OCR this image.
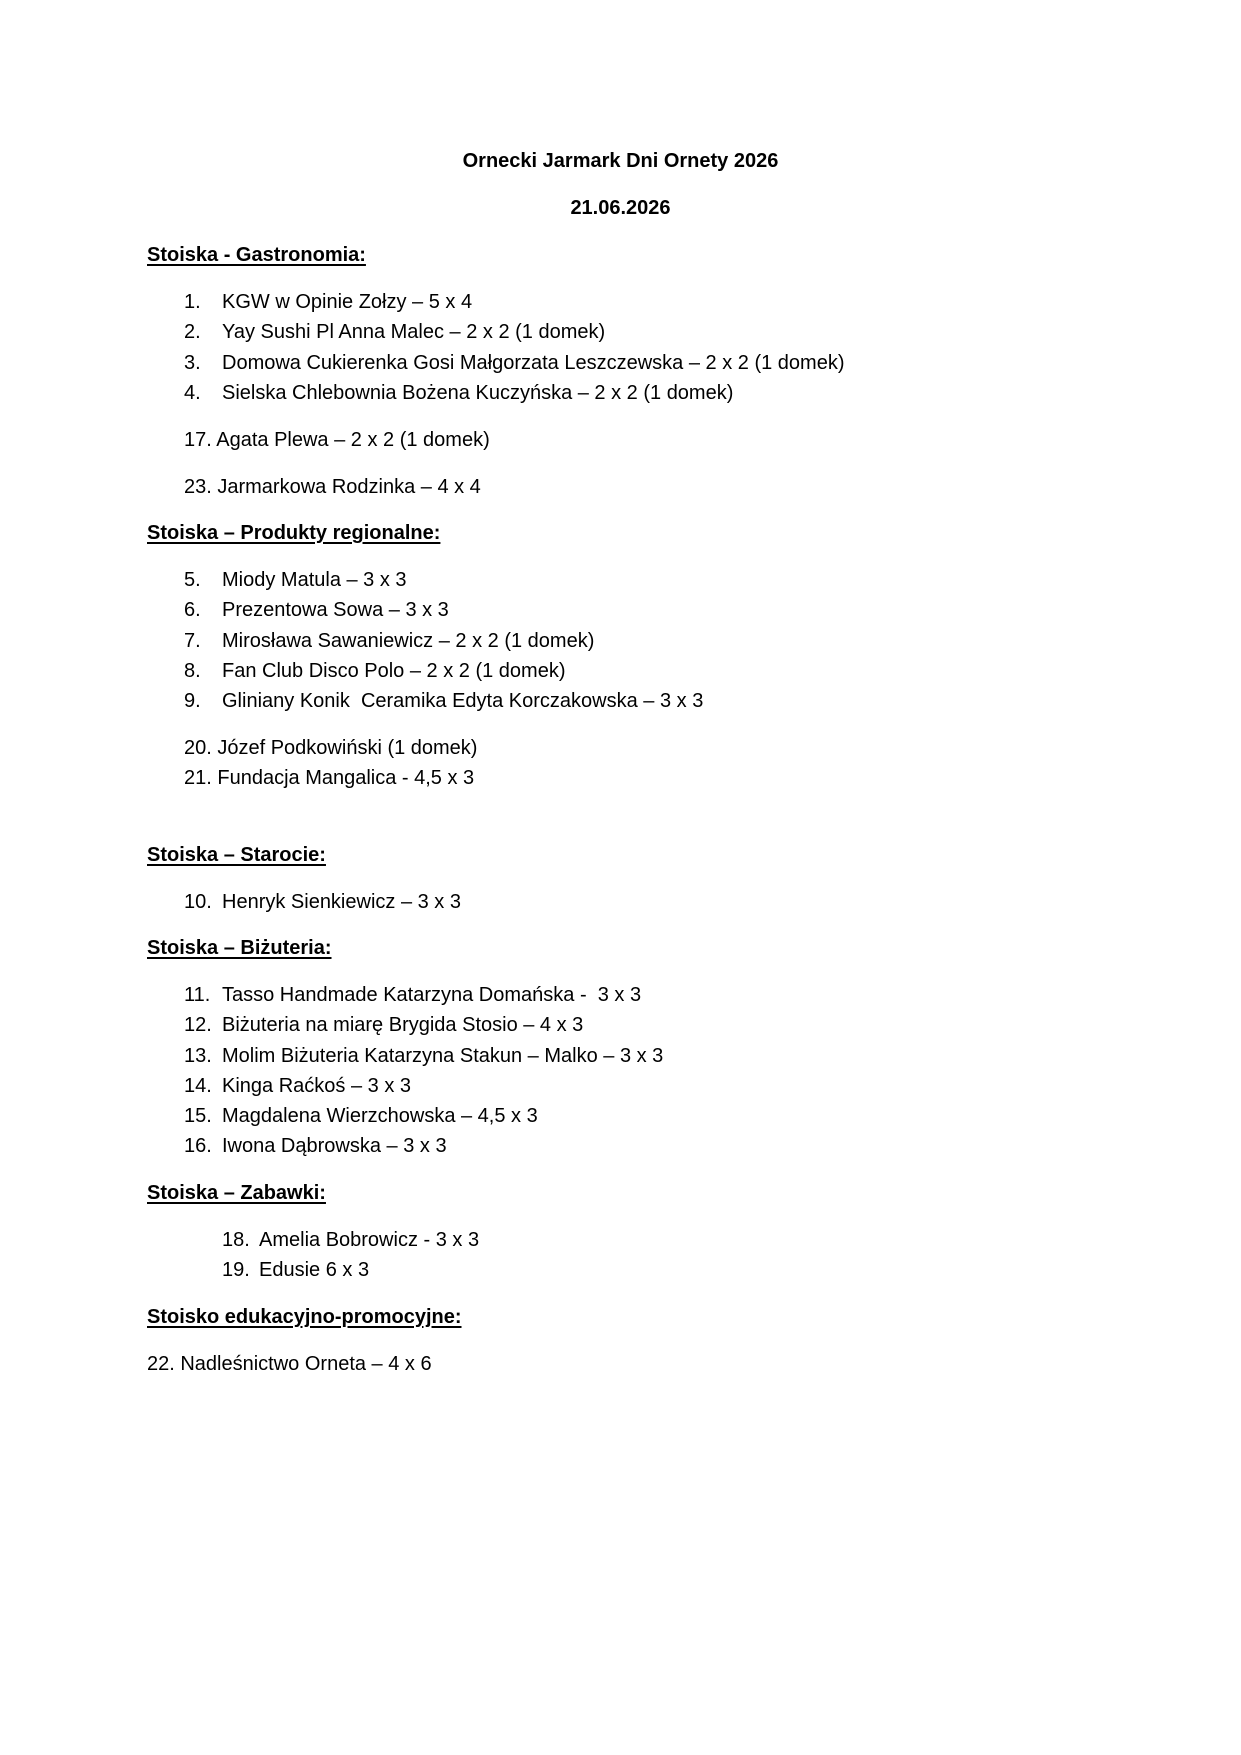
Ornecki Jarmark Dni Ornety 2026
21.06.2026
Stoiska - Gastronomia:
1. KGW w Opinie Zołzy – 5 x 4
2. Yay Sushi Pl Anna Malec – 2 x 2 (1 domek)
3. Domowa Cukierenka Gosi Małgorzata Leszczewska – 2 x 2 (1 domek)
4. Sielska Chlebownia Bożena Kuczyńska – 2 x 2 (1 domek)
17. Agata Plewa – 2 x 2 (1 domek)
23. Jarmarkowa Rodzinka – 4 x 4
Stoiska – Produkty regionalne:
5. Miody Matula – 3 x 3
6. Prezentowa Sowa – 3 x 3
7. Mirosława Sawaniewicz – 2 x 2 (1 domek)
8. Fan Club Disco Polo – 2 x 2 (1 domek)
9. Gliniany Konik  Ceramika Edyta Korczakowska – 3 x 3
20. Józef Podkowiński (1 domek)
21. Fundacja Mangalica - 4,5 x 3
Stoiska – Starocie:
10. Henryk Sienkiewicz – 3 x 3
Stoiska – Biżuteria:
11. Tasso Handmade Katarzyna Domańska -  3 x 3
12. Biżuteria na miarę Brygida Stosio – 4 x 3
13. Molim Biżuteria Katarzyna Stakun – Malko – 3 x 3
14. Kinga Raćkoś – 3 x 3
15. Magdalena Wierzchowska – 4,5 x 3
16. Iwona Dąbrowska – 3 x 3
Stoiska – Zabawki:
18. Amelia Bobrowicz - 3 x 3
19. Edusie 6 x 3
Stoisko edukacyjno-promocyjne:
22. Nadleśnictwo Orneta – 4 x 6
